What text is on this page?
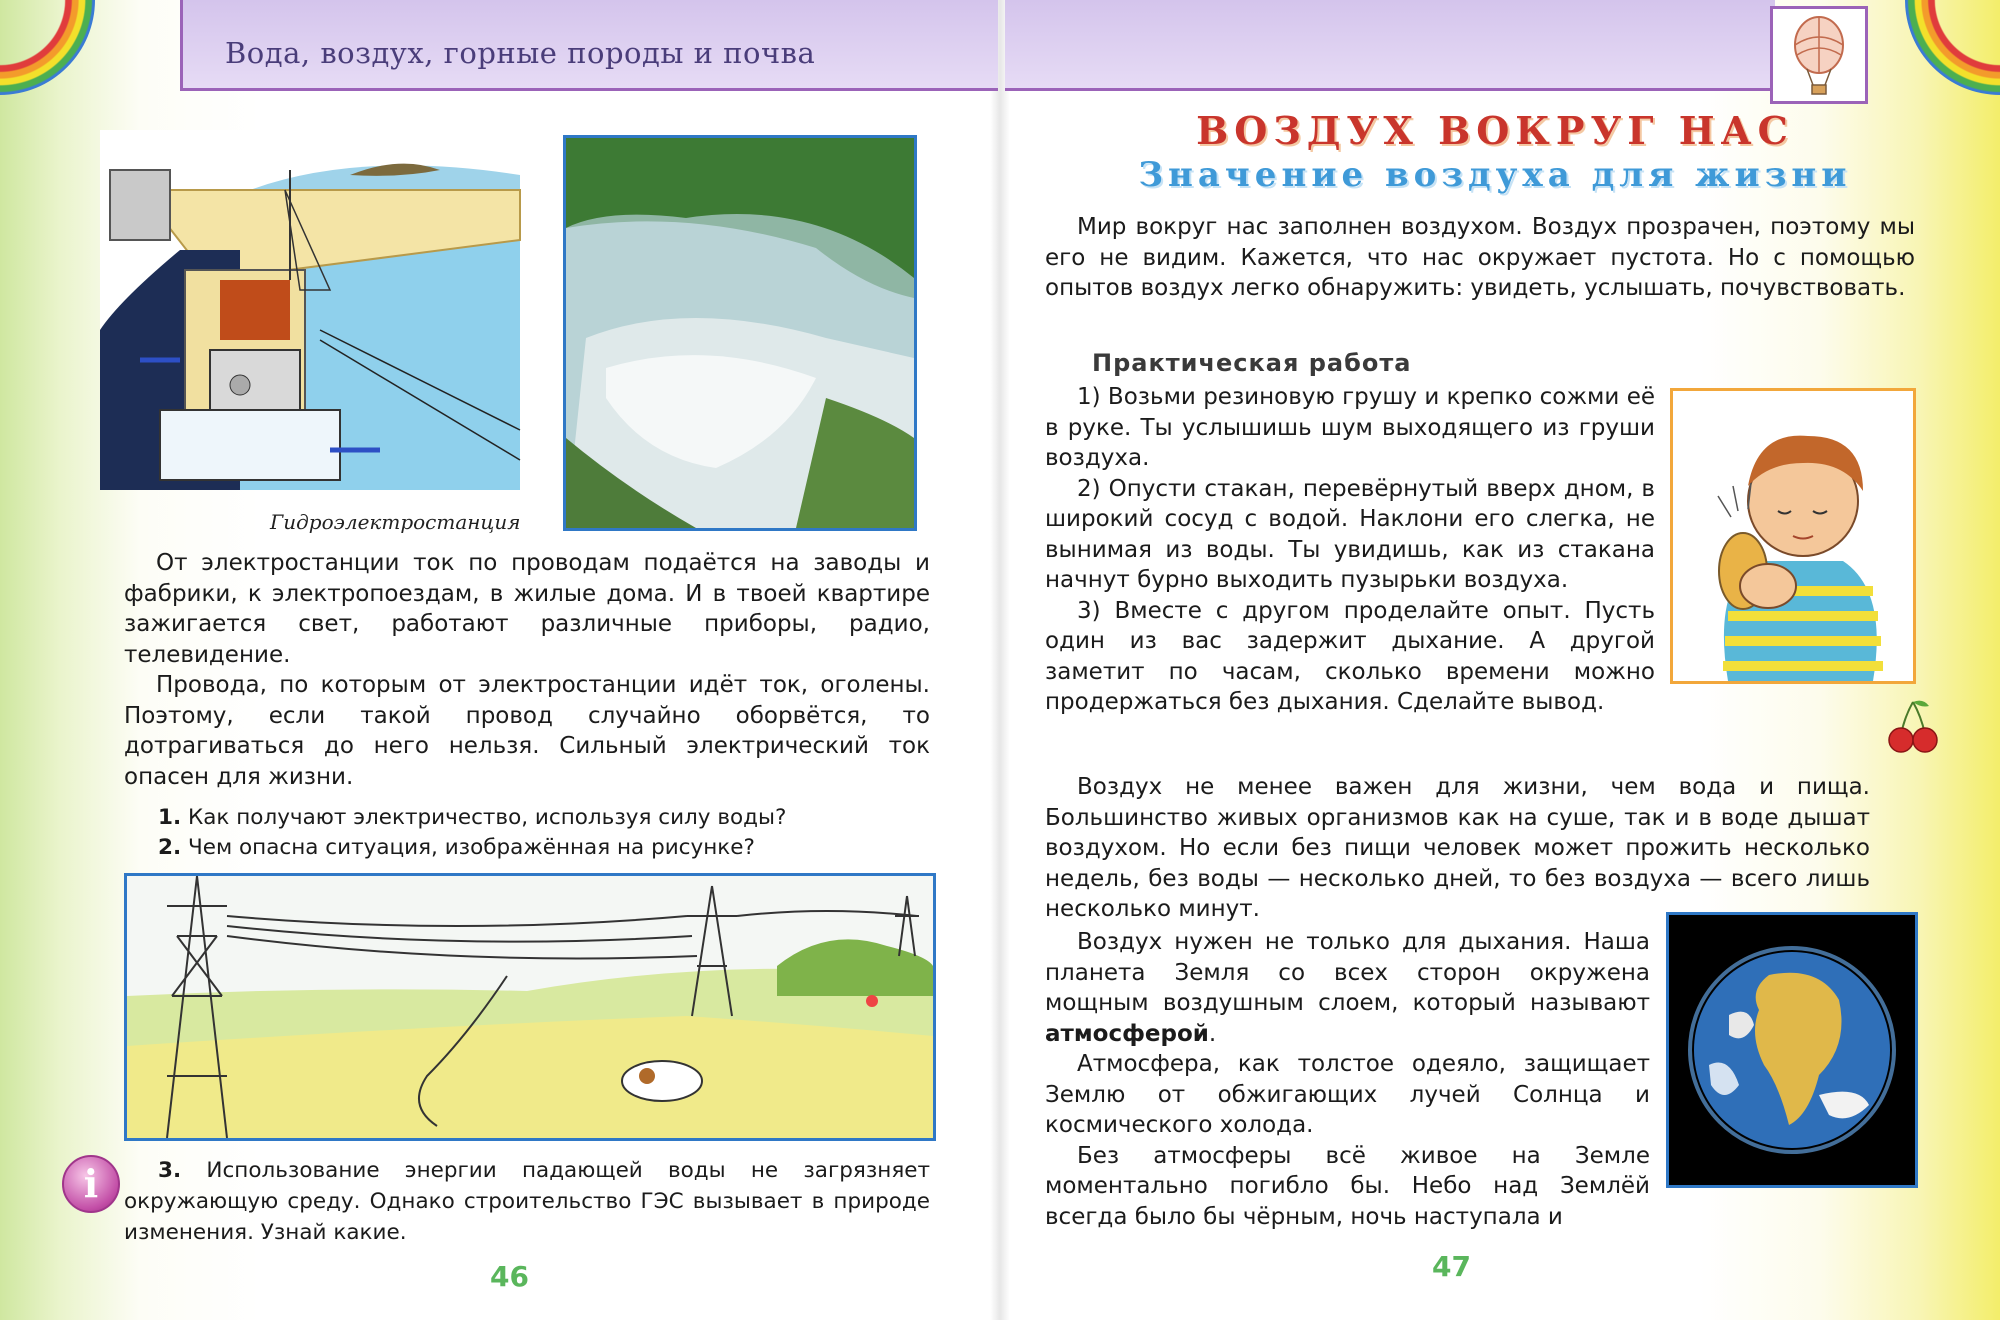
Вода, воздух, горные породы и почва
Гидроэлектростанция

От электростанции ток по проводам подаётся на заводы и фабрики, к электропоездам, в жилые дома. И в твоей квартире зажигается свет, работают различные приборы, радио, телевидение.

Провода, по которым от электростанции идёт ток, оголены. Поэтому, если такой провод случайно оборвётся, то дотрагиваться до него нельзя. Сильный электрический ток опасен для жизни.

1. Как получают электричество, используя силу воды?
2. Чем опасна ситуация, изображённая на рисунке?
i	3. Использование энергии падающей воды не загрязняет окружающую среду. Однако строительство ГЭС вызывает в природе изменения. Узнай какие.

46
ВОЗДУХ ВОКРУГ НАС
Значение воздуха для жизни

Мир вокруг нас заполнен воздухом. Воздух прозрачен, поэтому мы его не видим. Кажется, что нас окружает пустота. Но с помощью опытов воздух легко обнаружить: увидеть, услышать, почувствовать.

Практическая работа

1) Возьми резиновую грушу и крепко сожми её в руке. Ты услышишь шум выходящего из груши воздуха.

2) Опусти стакан, перевёрнутый вверх дном, в широкий сосуд с водой. Наклони его слегка, не вынимая из воды. Ты увидишь, как из стакана начнут бурно выходить пузырьки воздуха.

3) Вместе с другом проделайте опыт. Пусть один из вас задержит дыхание. А другой заметит по часам, сколько времени можно продержаться без дыхания. Сделайте вывод.

Воздух не менее важен для жизни, чем вода и пища. Большинство живых организмов как на суше, так и в воде дышат воздухом. Но если без пищи человек может прожить несколько недель, без воды — несколько дней, то без воздуха — всего лишь несколько минут.

Воздух нужен не только для дыхания. Наша планета Земля со всех сторон окружена мощным воздушным слоем, который называют атмосферой.

Атмосфера, как толстое одеяло, защищает Землю от обжигающих лучей Солнца и космического холода.

Без атмосферы всё живое на Земле моментально погибло бы. Небо над Землёй всегда было бы чёрным, ночь наступала и

47
